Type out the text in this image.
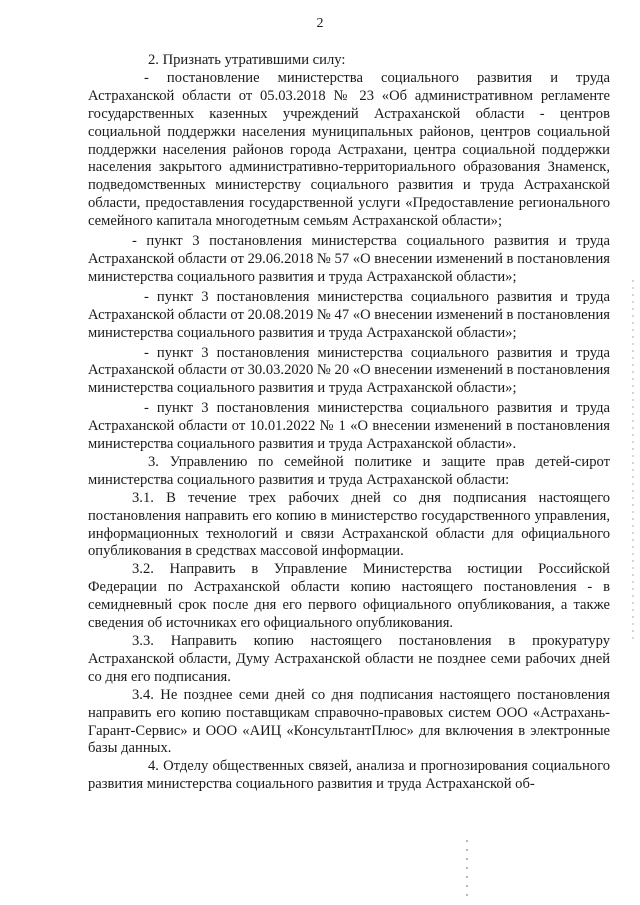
2

2. Признать утратившими силу:

- постановление министерства социального развития и труда Астраханской области от 05.03.2018 № 23 «Об административном регламенте государственных казенных учреждений Астраханской области - центров социальной поддержки населения муниципальных районов, центров социальной поддержки населения районов города Астрахани, центра социальной поддержки населения закрытого административно-территориального образования Знаменск, подведомственных министерству социального развития и труда Астраханской области, предоставления государственной услуги «Предоставление регионального семейного капитала многодетным семьям Астраханской области»;

- пункт 3 постановления министерства социального развития и труда Астраханской области от 29.06.2018 № 57 «О внесении изменений в постановления министерства социального развития и труда Астраханской области»;

- пункт 3 постановления министерства социального развития и труда Астраханской области от 20.08.2019 № 47 «О внесении изменений в постановления министерства социального развития и труда Астраханской области»;

- пункт 3 постановления министерства социального развития и труда Астраханской области от 30.03.2020 № 20 «О внесении изменений в постановления министерства социального развития и труда Астраханской области»;

- пункт 3 постановления министерства социального развития и труда Астраханской области от 10.01.2022 № 1 «О внесении изменений в постановления министерства социального развития и труда Астраханской области».

3. Управлению по семейной политике и защите прав детей-сирот министерства социального развития и труда Астраханской области:

3.1. В течение трех рабочих дней со дня подписания настоящего постановления направить его копию в министерство государственного управления, информационных технологий и связи Астраханской области для официального опубликования в средствах массовой информации.

3.2. Направить в Управление Министерства юстиции Российской Федерации по Астраханской области копию настоящего постановления - в семидневный срок после дня его первого официального опубликования, а также сведения об источниках его официального опубликования.

3.3. Направить копию настоящего постановления в прокуратуру Астраханской области, Думу Астраханской области не позднее семи рабочих дней со дня его подписания.

3.4. Не позднее семи дней со дня подписания настоящего постановления направить его копию поставщикам справочно-правовых систем ООО «Астрахань-Гарант-Сервис» и ООО «АИЦ «КонсультантПлюс» для включения в электронные базы данных.

4. Отделу общественных связей, анализа и прогнозирования социального развития министерства социального развития и труда Астраханской об-
